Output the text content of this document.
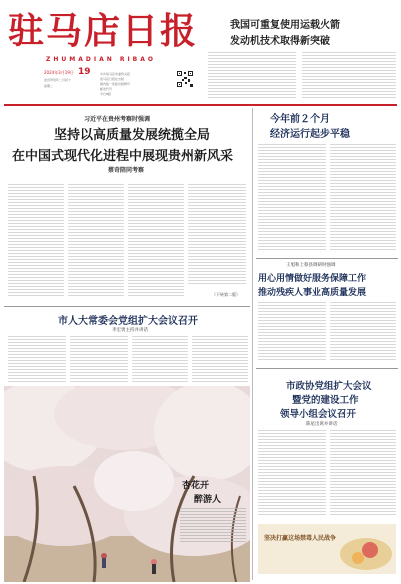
驻马店日报
ZHUMADIAN RIBAO
2024年3月19日 19
农历甲辰年二月初十
星期二
中共驻马店市委机关报
驻马店日报社出版
国内统一连续出版物号
邮发代号
今日8版
我国可重复使用运载火箭
发动机技术取得新突破
习近平在贵州考察时强调
坚持以高质量发展统揽全局
在中国式现代化进程中展现贵州新风采
蔡奇陪同考察
（下转第二版）
今年前２个月
经济运行起步平稳
王旭和上蔡县调研时强调
用心用情做好服务保障工作
推动残疾人事业高质量发展
市人大常委会党组扩大会议召开
李宏勇主持并讲话
杏花开
醉游人
市政协党组扩大会议
暨党的建设工作
领导小组会议召开
陈星出席并讲话
坚决打赢这场禁毒人民战争
